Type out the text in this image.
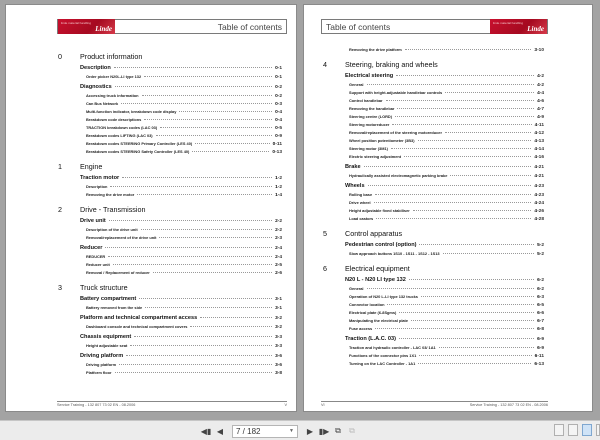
linde material handling
Linde	Table of contents
0	Product information
Description	0-1
Order picker N20L-LI type 132	0-1
Diagnostics	0-2
Accessing truck information	0-2
Can Bus Network	0-3
Multi-function indicator, breakdown code display	0-4
Breakdown code descriptions	0-4
TRACTION breakdown codes (LAC 03)	0-5
Breakdown codes LIFTING (LAC 03)	0-9
Breakdown codes STEERING Primary Controller (LES 40)	0-11
Breakdown codes STEERING Safety Controller (LES 40)	0-13
1	Engine
Traction motor	1-2
Description	1-2
Removing the drive motor	1-4
2	Drive - Transmission
Drive unit	2-2
Description of the drive unit	2-2
Removal/replacement of the drive unit	2-3
Reducer	2-4
REDUCER	2-4
Reducer unit	2-5
Removal / Replacement of reducer	2-6
3	Truck structure
Battery compartment	3-1
Battery removed from the side	3-1
Platform and technical compartment access	3-2
Dashboard console and technical compartment covers	3-2
Chassis equipment	3-3
Height adjustable seat	3-3
Driving platform	3-6
Driving platform	3-6
Platform floor	3-8
Service Training - 132 807 73 02 EN - 08.2006	V
Table of contents	linde material handling
Linde
Removing the drive platform	3-10
4	Steering, braking and wheels
Electrical steering	4-2
General	4-2
Support with height-adjustable handlebar controls	4-4
Control handlebar	4-6
Removing the handlebar	4-7
Steering centre (LORD)	4-9
Steering motoreducer	4-11
Removal/replacement of the steering motoreducer	4-12
Wheel position potentiometer (3B3)	4-13
Steering motor (3M1)	4-14
Electric steering adjustment	4-16
Brake	4-21
Hydraulically assisted electromagnetic parking brake	4-21
Wheels	4-23
Rolling base	4-23
Drive wheel	4-24
Height adjustable fixed stabiliser	4-26
Load castors	4-28
5	Control apparatus
Pedestrian control (option)	5-2
Slow approach buttons 1S10 - 1S11 - 1S12 - 1S13	5-2
6	Electrical equipment
N20 L - N20 LI type 132	6-2
General	6-2
Operation of N20 L-LI type 132 trucks	6-3
Connector location	6-5
Electrical plate (6-8Sgms)	6-6
Manipulating the electrical plate	6-7
Fuse access	6-8
Traction (L.A.C. 03)	6-9
Traction and hydraulic controller - LAC 03/ 1A1	6-9
Functions of the connector pins 1X1	6-11
Turning on the LAC Controller - 1A1	6-13
VI	Service Training - 132 807 73 02 EN - 08.2006
◀▮ ◀	7 / 182	▼	▶ ▮▶ ⧉	⧉
